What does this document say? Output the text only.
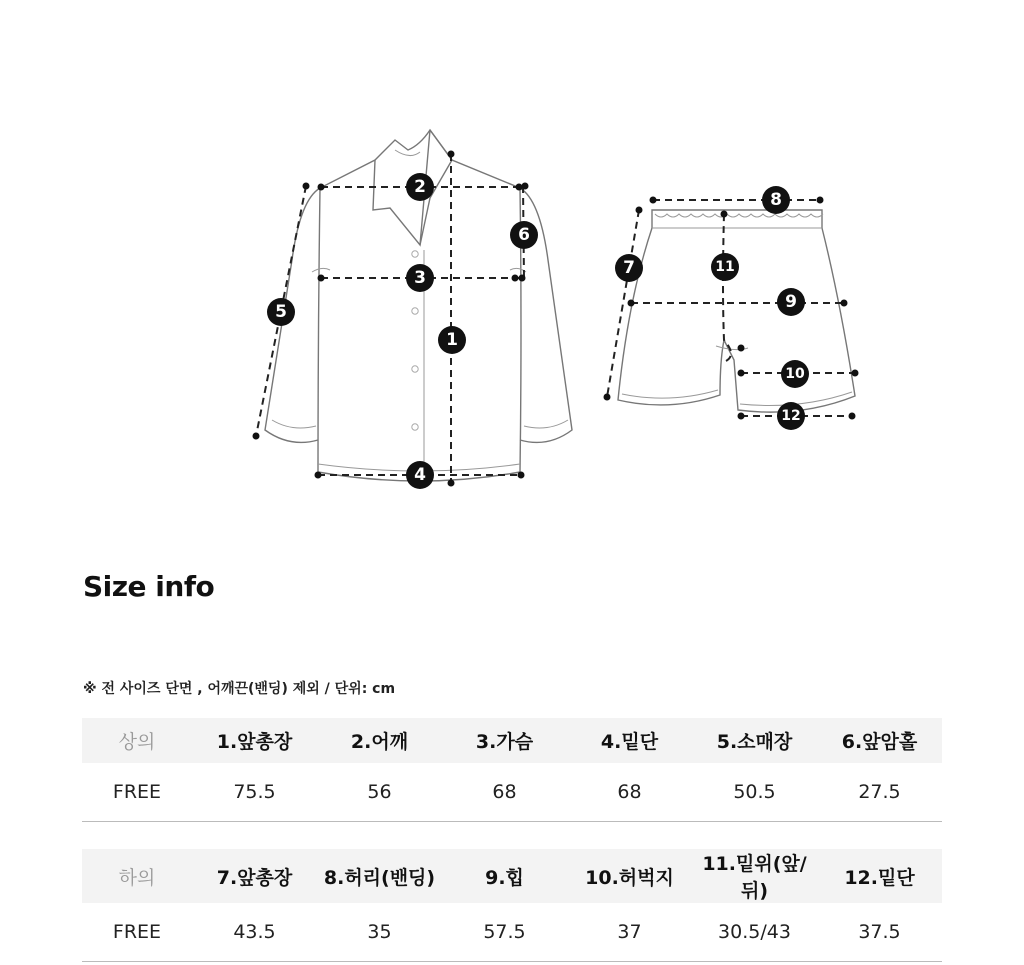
1
2
3
4
5
6
7
8
9
10
11
12
Size info
※ 전 사이즈 단면 , 어깨끈(밴딩) 제외 / 단위: cm
상의	1.앞총장	2.어깨	3.가슴	4.밑단	5.소매장	6.앞암홀
FREE	75.5	56	68	68	50.5	27.5
하의	7.앞총장	8.허리(밴딩)	9.힙	10.허벅지	11.밑위(앞/뒤)	12.밑단
FREE	43.5	35	57.5	37	30.5/43	37.5
